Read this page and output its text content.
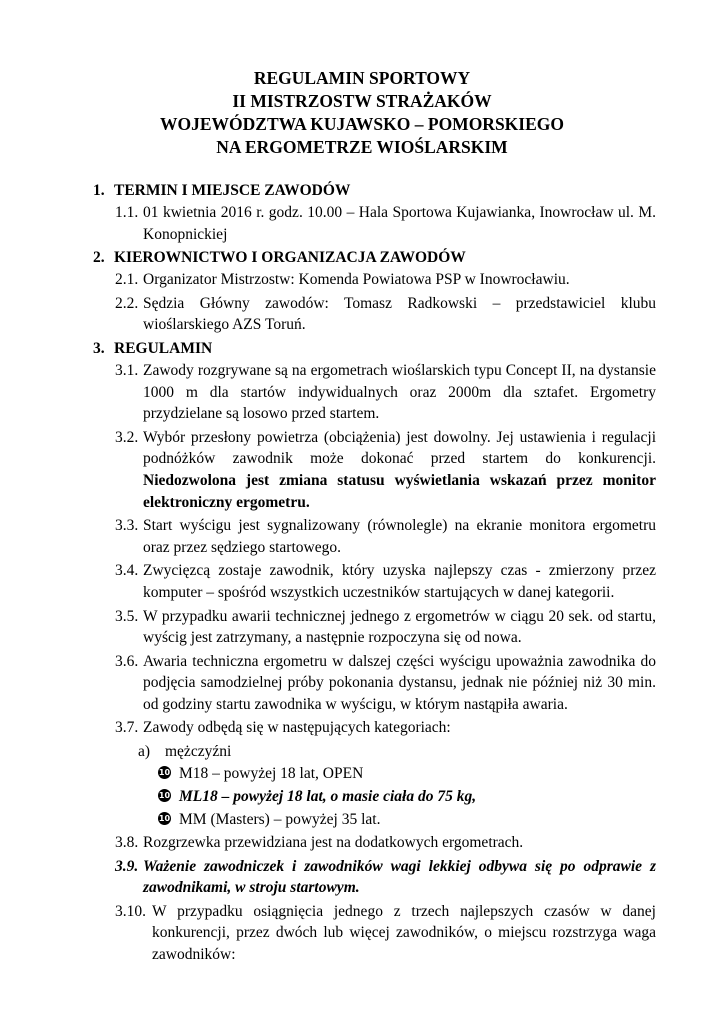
REGULAMIN SPORTOWY
II MISTRZOSTW STRAŻAKÓW
WOJEWÓDZTWA KUJAWSKO – POMORSKIEGO
NA ERGOMETRZE WIOŚLARSKIM
1. TERMIN I MIEJSCE ZAWODÓW
1.1. 01 kwietnia 2016 r. godz. 10.00 – Hala Sportowa Kujawianka, Inowrocław ul. M. Konopnickiej
2. KIEROWNICTWO I ORGANIZACJA ZAWODÓW
2.1. Organizator Mistrzostw: Komenda Powiatowa PSP w Inowrocławiu.
2.2. Sędzia Główny zawodów: Tomasz Radkowski – przedstawiciel klubu wioślarskiego AZS Toruń.
3. REGULAMIN
3.1. Zawody rozgrywane są na ergometrach wioślarskich typu Concept II, na dystansie 1000 m dla startów indywidualnych oraz 2000m dla sztafet. Ergometry przydzielane są losowo przed startem.
3.2. Wybór przesłony powietrza (obciążenia) jest dowolny. Jej ustawienia i regulacji podnóżków zawodnik może dokonać przed startem do konkurencji. Niedozwolona jest zmiana statusu wyświetlania wskazań przez monitor elektroniczny ergometru.
3.3. Start wyścigu jest sygnalizowany (równolegle) na ekranie monitora ergometru oraz przez sędziego startowego.
3.4. Zwycięzcą zostaje zawodnik, który uzyska najlepszy czas - zmierzony przez komputer – spośród wszystkich uczestników startujących w danej kategorii.
3.5. W przypadku awarii technicznej jednego z ergometrów w ciągu 20 sek. od startu, wyścig jest zatrzymany, a następnie rozpoczyna się od nowa.
3.6. Awaria techniczna ergometru w dalszej części wyścigu upoważnia zawodnika do podjęcia samodzielnej próby pokonania dystansu, jednak nie później niż 30 min. od godziny startu zawodnika w wyścigu, w którym nastąpiła awaria.
3.7. Zawody odbędą się w następujących kategoriach:
a) mężczyźni
10 M18 – powyżej 18 lat, OPEN
10 ML18 – powyżej 18 lat, o masie ciała do 75 kg,
10 MM (Masters) – powyżej 35 lat.
3.8. Rozgrzewka przewidziana jest na dodatkowych ergometrach.
3.9. Ważenie zawodniczek i zawodników wagi lekkiej odbywa się po odprawie z zawodnikami, w stroju startowym.
3.10. W przypadku osiągnięcia jednego z trzech najlepszych czasów w danej konkurencji, przez dwóch lub więcej zawodników, o miejscu rozstrzyga waga zawodników:
